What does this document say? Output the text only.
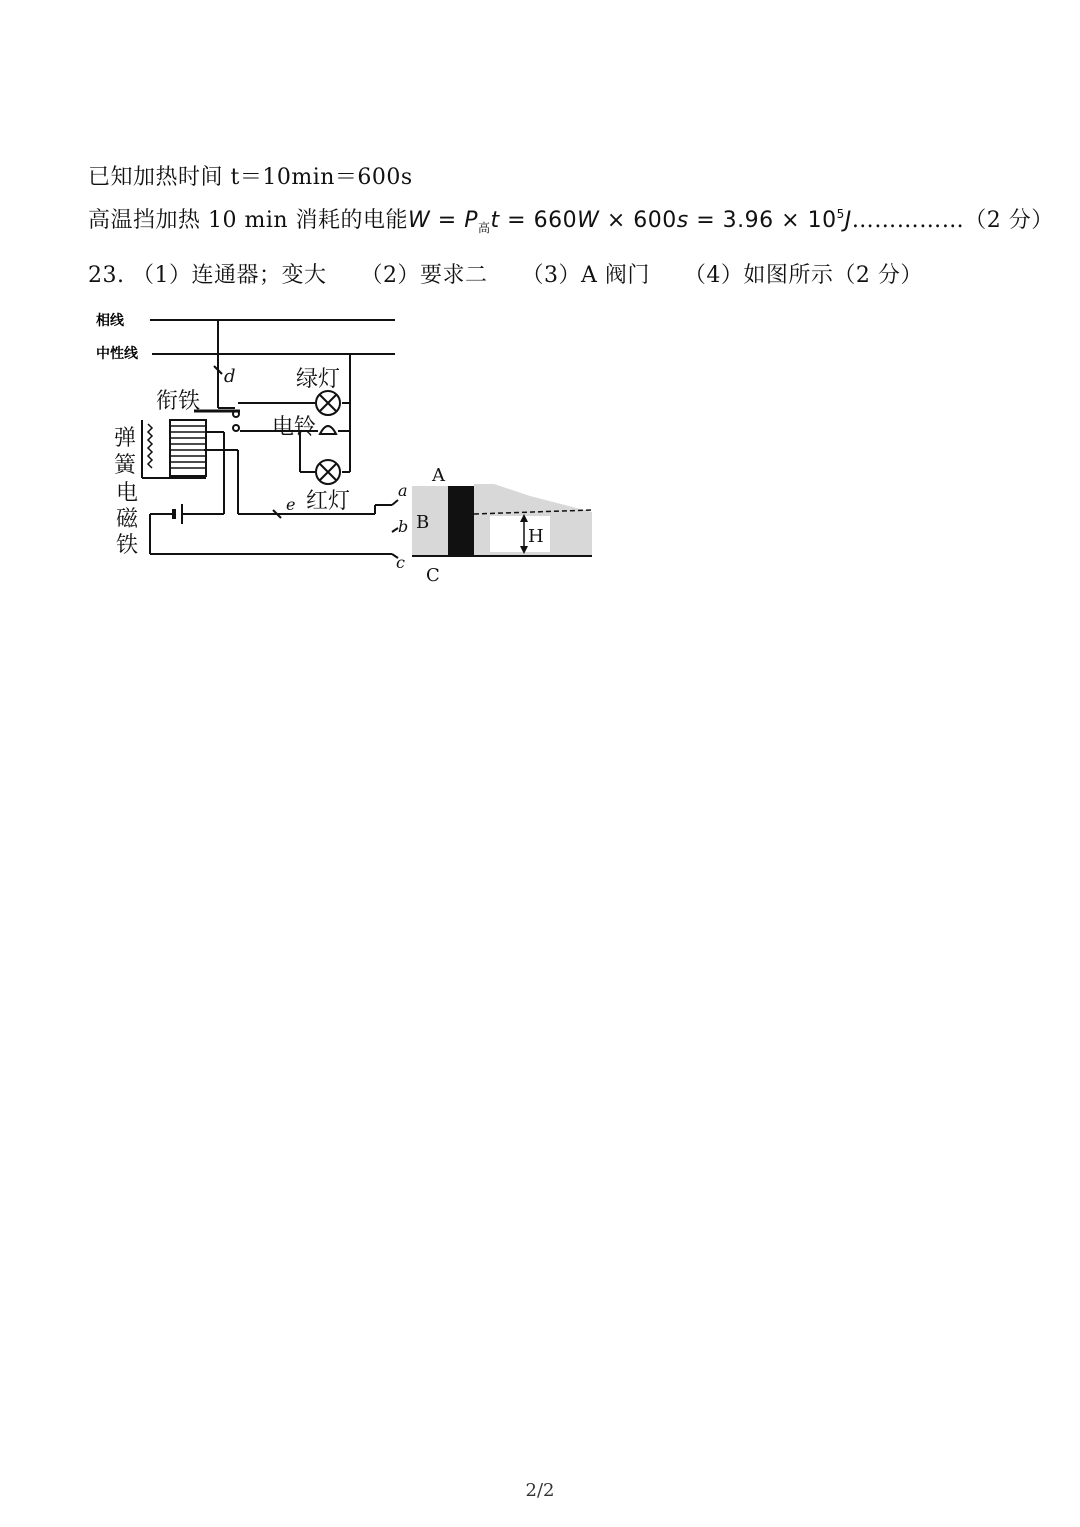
已知加热时间 t＝10min＝600s
高温挡加热 10 min 消耗的电能$W = P_高t = 660W \times 600s = 3.96$ × $10^5J\dots\dots\dots\dots\dots(2$ 分）
23. （1）连通器；变大 （2）要求二 （3）A 阀门 （4）如图所示（2 分）
相线
中性线
d
衔铁
弹
簧
电
磁
铁
绿灯
电铃
红灯
e
a
b
c
A
B
C
H
2/2
